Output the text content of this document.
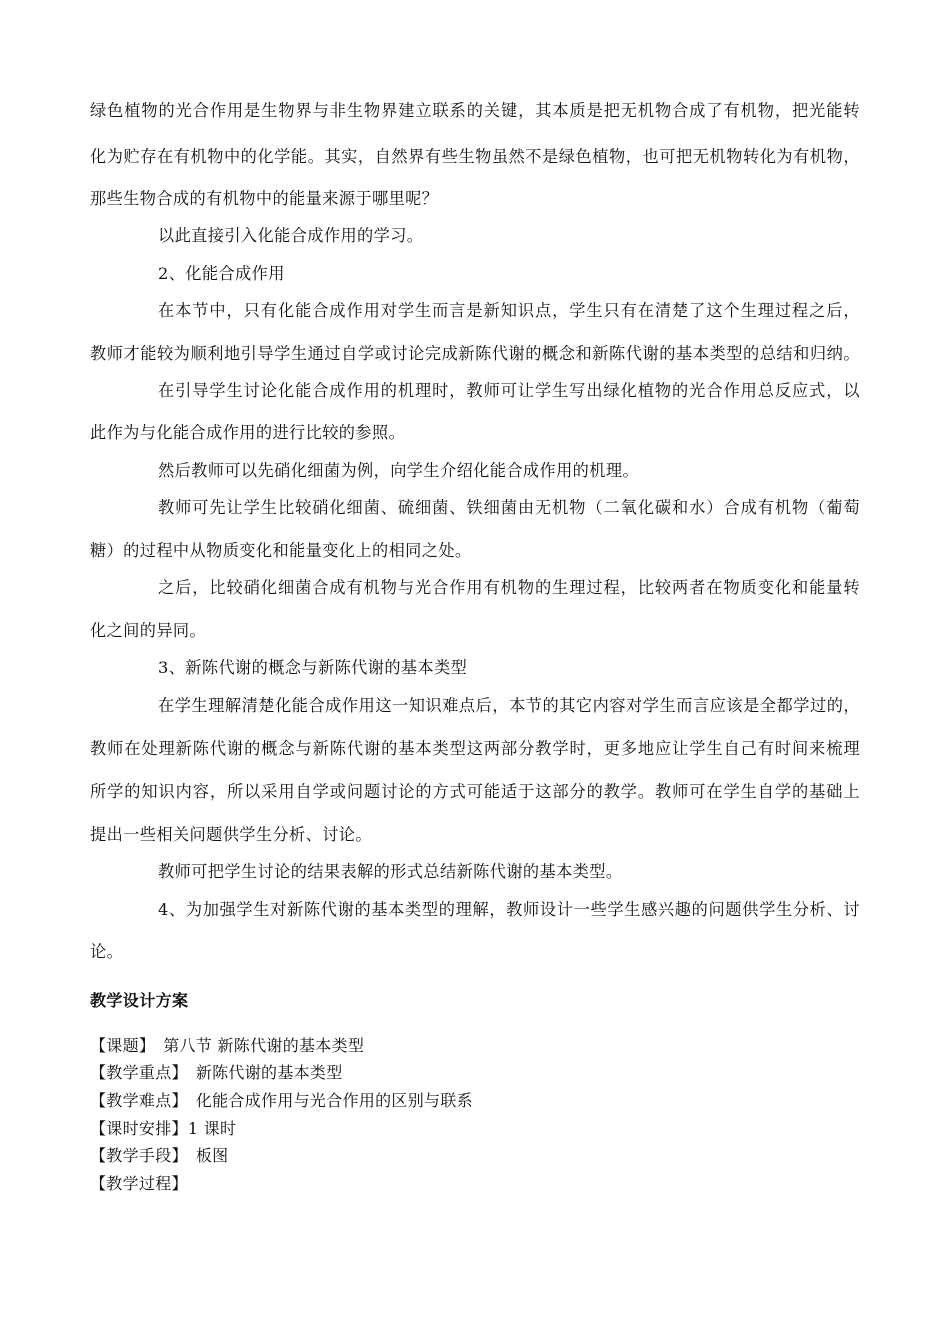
绿色植物的光合作用是生物界与非生物界建立联系的关键，其本质是把无机物合成了有机物，把光能转
化为贮存在有机物中的化学能。其实，自然界有些生物虽然不是绿色植物，也可把无机物转化为有机物，
那些生物合成的有机物中的能量来源于哪里呢？
以此直接引入化能合成作用的学习。
2、化能合成作用
在本节中，只有化能合成作用对学生而言是新知识点，学生只有在清楚了这个生理过程之后，
教师才能较为顺利地引导学生通过自学或讨论完成新陈代谢的概念和新陈代谢的基本类型的总结和归纳。
在引导学生讨论化能合成作用的机理时，教师可让学生写出绿化植物的光合作用总反应式，以
此作为与化能合成作用的进行比较的参照。
然后教师可以先硝化细菌为例，向学生介绍化能合成作用的机理。
教师可先让学生比较硝化细菌、硫细菌、铁细菌由无机物（二氧化碳和水）合成有机物（葡萄
糖）的过程中从物质变化和能量变化上的相同之处。
之后，比较硝化细菌合成有机物与光合作用有机物的生理过程，比较两者在物质变化和能量转
化之间的异同。
3、新陈代谢的概念与新陈代谢的基本类型
在学生理解清楚化能合成作用这一知识难点后，本节的其它内容对学生而言应该是全都学过的，
教师在处理新陈代谢的概念与新陈代谢的基本类型这两部分教学时，更多地应让学生自己有时间来梳理
所学的知识内容，所以采用自学或问题讨论的方式可能适于这部分的教学。教师可在学生自学的基础上
提出一些相关问题供学生分析、讨论。
教师可把学生讨论的结果表解的形式总结新陈代谢的基本类型。
4、为加强学生对新陈代谢的基本类型的理解，教师设计一些学生感兴趣的问题供学生分析、讨
论。
教学设计方案
【课题】 第八节 新陈代谢的基本类型
【教学重点】 新陈代谢的基本类型
【教学难点】 化能合成作用与光合作用的区别与联系
【课时安排】1 课时
【教学手段】 板图
【教学过程】
